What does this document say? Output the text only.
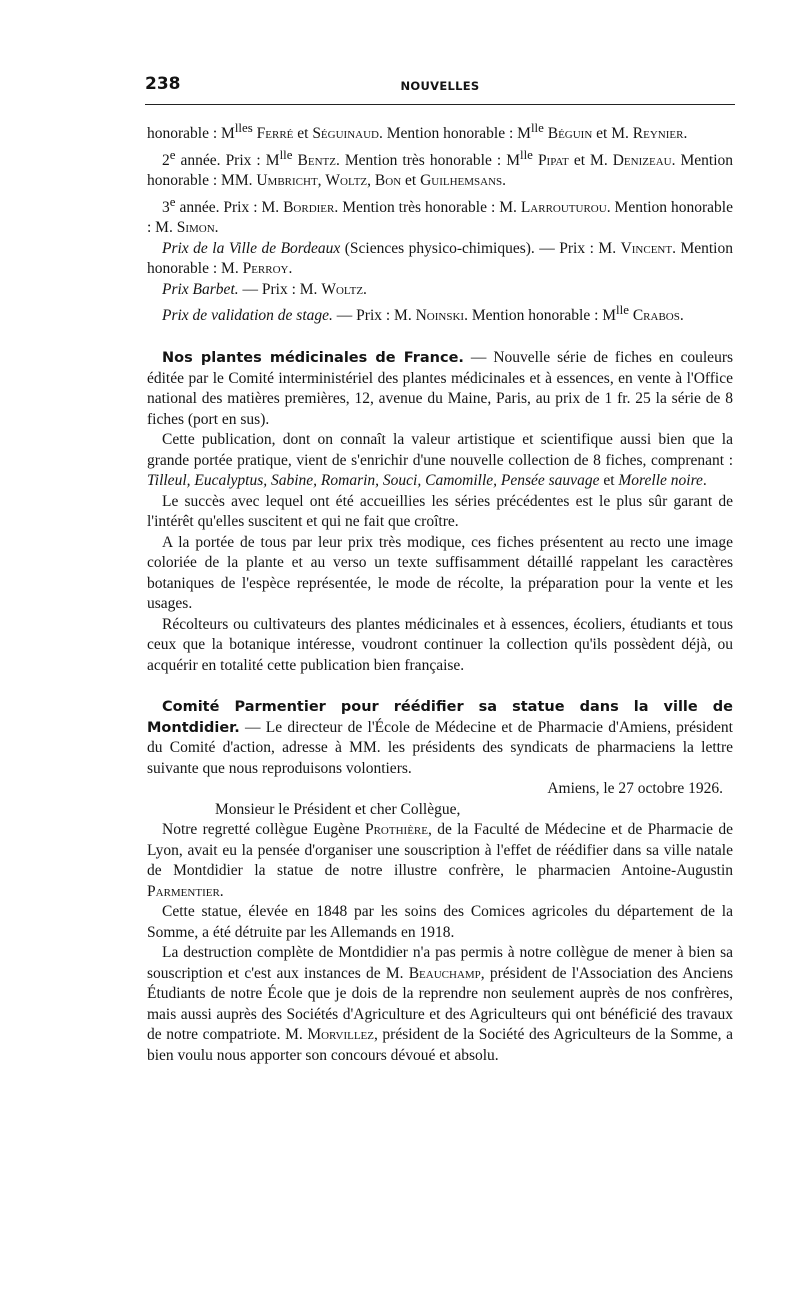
238	NOUVELLES

honorable : $M^{lles}$ Ferré et Séguinaud. Mention honorable : $M^{lle}$ Béguin et M. Reynier.

2e année. Prix : $M^{lle}$ Bentz. Mention très honorable : $M^{lle}$ Pipat et M. Denizeau. Mention honorable : MM. Umbricht, Woltz, Bon et Guilhemsans.

3e année. Prix : M. Bordier. Mention très honorable : M. Larrouturou. Mention honorable : M. Simon.

Prix de la Ville de Bordeaux (Sciences physico-chimiques). — Prix : M. Vincent. Mention honorable : M. Perroy.

Prix Barbet. — Prix : M. Woltz.

Prix de validation de stage. — Prix : M. Noinski. Mention honorable : $M^{lle}$ Crabos.

Nos plantes médicinales de France. — Nouvelle série de fiches en couleurs éditée par le Comité interministériel des plantes médicinales et à essences, en vente à l'Office national des matières premières, 12, avenue du Maine, Paris, au prix de 1 fr. 25 la série de 8 fiches (port en sus).

Cette publication, dont on connaît la valeur artistique et scientifique aussi bien que la grande portée pratique, vient de s'enrichir d'une nouvelle collection de 8 fiches, comprenant : Tilleul, Eucalyptus, Sabine, Romarin, Souci, Camomille, Pensée sauvage et Morelle noire.

Le succès avec lequel ont été accueillies les séries précédentes est le plus sûr garant de l'intérêt qu'elles suscitent et qui ne fait que croître.

A la portée de tous par leur prix très modique, ces fiches présentent au recto une image coloriée de la plante et au verso un texte suffisamment détaillé rappelant les caractères botaniques de l'espèce représentée, le mode de récolte, la préparation pour la vente et les usages.

Récolteurs ou cultivateurs des plantes médicinales et à essences, écoliers, étudiants et tous ceux que la botanique intéresse, voudront continuer la collection qu'ils possèdent déjà, ou acquérir en totalité cette publication bien française.

Comité Parmentier pour réédifier sa statue dans la ville de Montdidier. — Le directeur de l'École de Médecine et de Pharmacie d'Amiens, président du Comité d'action, adresse à MM. les présidents des syndicats de pharmaciens la lettre suivante que nous reproduisons volontiers.

Amiens, le 27 octobre 1926.

Monsieur le Président et cher Collègue,

Notre regretté collègue Eugène Prothière, de la Faculté de Médecine et de Pharmacie de Lyon, avait eu la pensée d'organiser une souscription à l'effet de réédifier dans sa ville natale de Montdidier la statue de notre illustre confrère, le pharmacien Antoine-Augustin Parmentier.

Cette statue, élevée en 1848 par les soins des Comices agricoles du département de la Somme, a été détruite par les Allemands en 1918.

La destruction complète de Montdidier n'a pas permis à notre collègue de mener à bien sa souscription et c'est aux instances de M. Beauchamp, président de l'Association des Anciens Étudiants de notre École que je dois de la reprendre non seulement auprès de nos confrères, mais aussi auprès des Sociétés d'Agriculture et des Agriculteurs qui ont bénéficié des travaux de notre compatriote. M. Morvillez, président de la Société des Agriculteurs de la Somme, a bien voulu nous apporter son concours dévoué et absolu.
